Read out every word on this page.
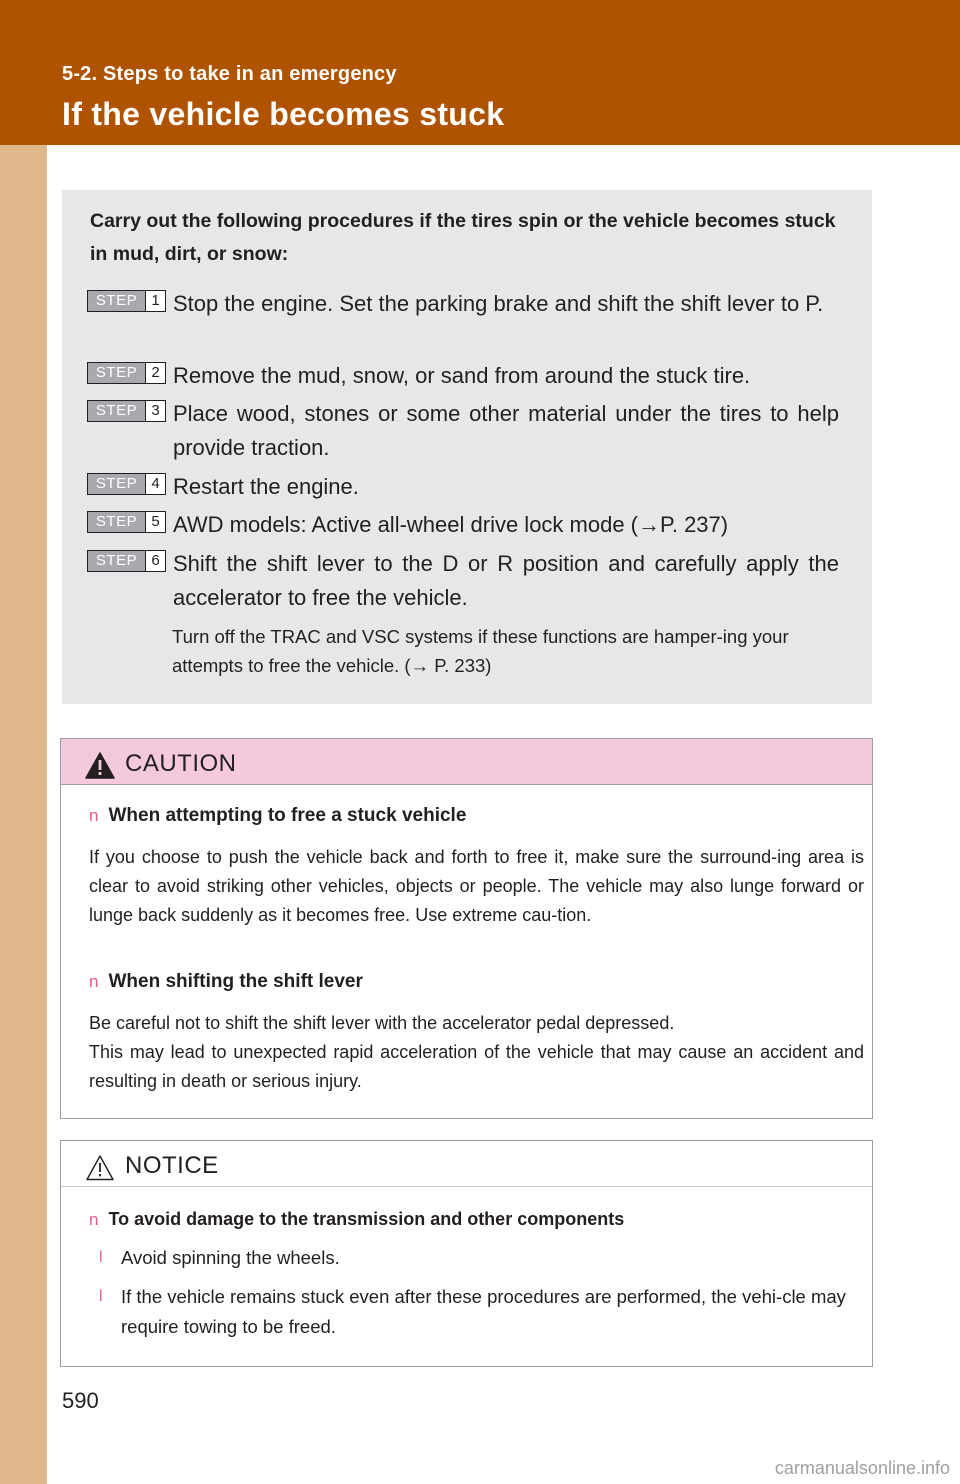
5-2. Steps to take in an emergency
If the vehicle becomes stuck
Carry out the following procedures if the tires spin or the vehicle becomes stuck in mud, dirt, or snow:
STEP 1 Stop the engine. Set the parking brake and shift the shift lever to P.
STEP 2 Remove the mud, snow, or sand from around the stuck tire.
STEP 3 Place wood, stones or some other material under the tires to help provide traction.
STEP 4 Restart the engine.
STEP 5 AWD models: Active all-wheel drive lock mode (→P. 237)
STEP 6 Shift the shift lever to the D or R position and carefully apply the accelerator to free the vehicle.
Turn off the TRAC and VSC systems if these functions are hamper-ing your attempts to free the vehicle. (→ P. 233)
CAUTION
n When attempting to free a stuck vehicle
If you choose to push the vehicle back and forth to free it, make sure the surround-ing area is clear to avoid striking other vehicles, objects or people. The vehicle may also lunge forward or lunge back suddenly as it becomes free. Use extreme cau-tion.
n When shifting the shift lever
Be careful not to shift the shift lever with the accelerator pedal depressed.
This may lead to unexpected rapid acceleration of the vehicle that may cause an accident and resulting in death or serious injury.
NOTICE
n To avoid damage to the transmission and other components
l Avoid spinning the wheels.
l If the vehicle remains stuck even after these procedures are performed, the vehi-cle may require towing to be freed.
590
carmanualsonline.info
